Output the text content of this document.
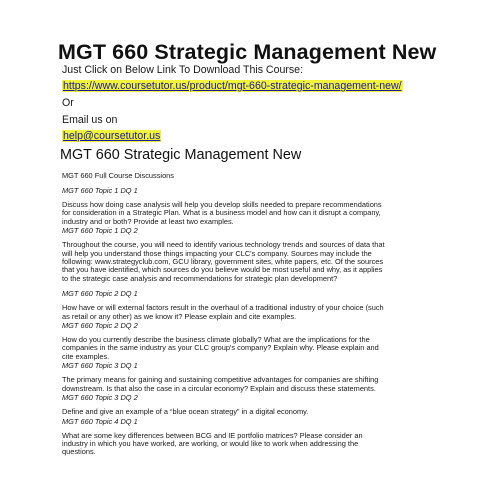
MGT 660 Strategic Management New
Just Click on Below Link To Download This Course:
https://www.coursetutor.us/product/mgt-660-strategic-management-new/
Or
Email us on
help@coursetutor.us
MGT 660 Strategic Management New
MGT 660 Full Course Discussions
MGT 660 Topic 1 DQ 1
Discuss how doing case analysis will help you develop skills needed to prepare recommendations
for consideration in a Strategic Plan. What is a business model and how can it disrupt a company,
industry and or both? Provide at least two examples.
MGT 660 Topic 1 DQ 2
Throughout the course, you will need to identify various technology trends and sources of data that
will help you understand those things impacting your CLC's company. Sources may include the
following: www.strategyclub.com, GCU library, government sites, white papers, etc. Of the sources
that you have identified, which sources do you believe would be most useful and why, as it applies
to the strategic case analysis and recommendations for strategic plan development?
MGT 660 Topic 2 DQ 1
How have or will external factors result in the overhaul of a traditional industry of your choice (such
as retail or any other) as we know it? Please explain and cite examples.
MGT 660 Topic 2 DQ 2
How do you currently describe the business climate globally? What are the implications for the
companies in the same industry as your CLC group's company? Explain why. Please explain and
cite examples.
MGT 660 Topic 3 DQ 1
The primary means for gaining and sustaining competitive advantages for companies are shifting
downstream. Is that also the case in a circular economy? Explain and discuss these statements.
MGT 660 Topic 3 DQ 2
Define and give an example of a “blue ocean strategy” in a digital economy.
MGT 660 Topic 4 DQ 1
What are some key differences between BCG and IE portfolio matrices? Please consider an
industry in which you have worked, are working, or would like to work when addressing the
questions.
